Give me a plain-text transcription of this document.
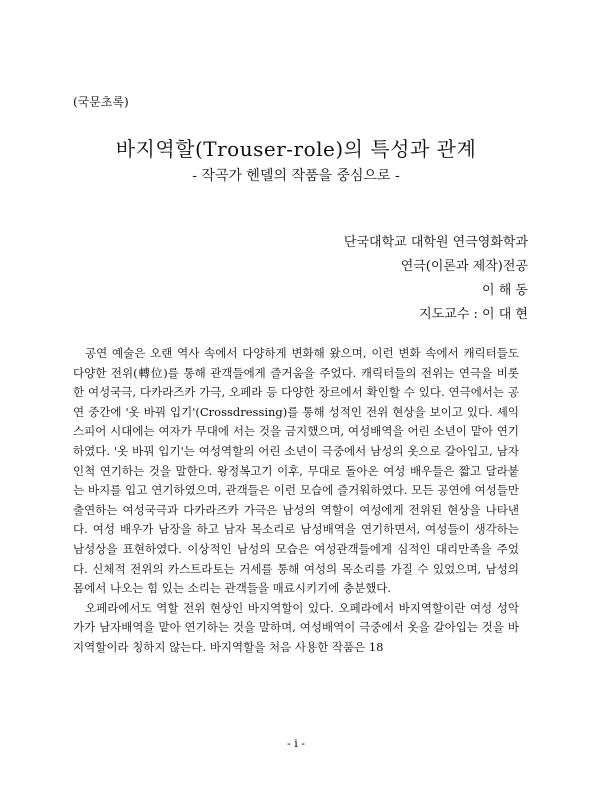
(국문초록)
바지역할(Trouser-role)의 특성과 관계
- 작곡가 헨델의 작품을 중심으로 -
단국대학교 대학원 연극영화학과
연극(이론과 제작)전공
이 해 동
지도교수 : 이 대 현

공연 예술은 오랜 역사 속에서 다양하게 변화해 왔으며, 이런 변화 속에서 캐릭터들도 다양한 전위(轉位)를 통해 관객들에게 즐거움을 주었다. 캐릭터들의 전위는 연극을 비롯한 여성국극, 다카라즈카 가극, 오페라 등 다양한 장르에서 확인할 수 있다. 연극에서는 공연 중간에 '옷 바꿔 입기'(Crossdressing)를 통해 성적인 전위 현상을 보이고 있다. 셰익스피어 시대에는 여자가 무대에 서는 것을 금지했으며, 여성배역을 어린 소년이 맡아 연기하였다. '옷 바꿔 입기'는 여성역할의 어린 소년이 극중에서 남성의 옷으로 갈아입고, 남자인척 연기하는 것을 말한다. 왕정복고기 이후, 무대로 돌아온 여성 배우들은 짧고 달라붙는 바지를 입고 연기하였으며, 관객들은 이런 모습에 즐거워하였다. 모든 공연에 여성들만 출연하는 여성국극과 다카라즈카 가극은 남성의 역할이 여성에게 전위된 현상을 나타낸다. 여성 배우가 남장을 하고 남자 목소리로 남성배역을 연기하면서, 여성들이 생각하는 남성상을 표현하였다. 이상적인 남성의 모습은 여성관객들에게 심적인 대리만족을 주었다. 신체적 전위의 카스트라토는 거세를 통해 여성의 목소리를 가질 수 있었으며, 남성의 몸에서 나오는 힘 있는 소리는 관객들을 매료시키기에 충분했다.

오페라에서도 역할 전위 현상인 바지역할이 있다. 오페라에서 바지역할이란 여성 성악가가 남자배역을 맡아 연기하는 것을 말하며, 여성배역이 극중에서 옷을 갈아입는 것을 바지역할이라 칭하지 않는다. 바지역할을 처음 사용한 작품은 18

- i -
